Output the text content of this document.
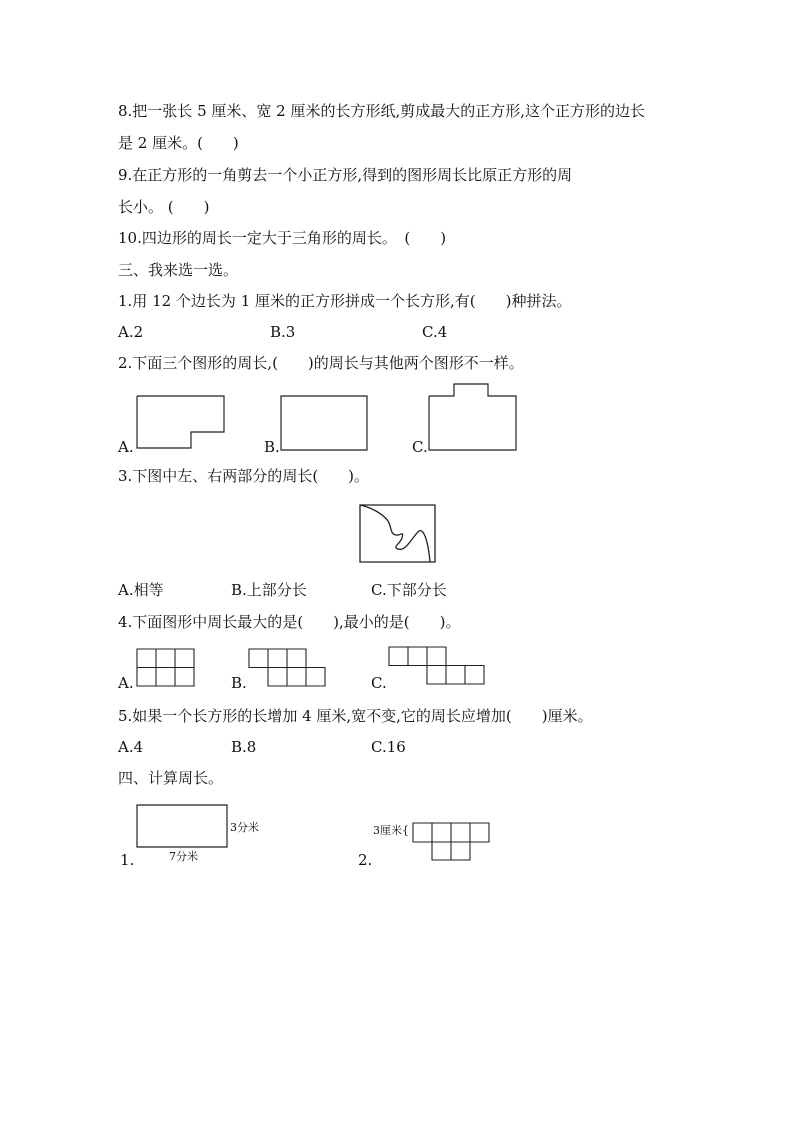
8.把一张长 5 厘米、宽 2 厘米的长方形纸,剪成最大的正方形,这个正方形的边长
是 2 厘米。(　　)
9.在正方形的一角剪去一个小正方形,得到的图形周长比原正方形的周
长小。 (　　)
10.四边形的周长一定大于三角形的周长。　(　　)
三、我来选一选。
1.用 12 个边长为 1 厘米的正方形拼成一个长方形,有(　　)种拼法。
A.2	B.3	C.4
2.下面三个图形的周长,(　　)的周长与其他两个图形不一样。
A.	B.	C.
3.下图中左、右两部分的周长(　　)。
A.相等	B.上部分长	C.下部分长
4.下面图形中周长最大的是(　　),最小的是(　　)。
A.	B.	C.
5.如果一个长方形的长增加 4 厘米,宽不变,它的周长应增加(　　)厘米。
A.4	B.8	C.16
四、计算周长。
3分米
7分米
1.
3厘米{
2.
